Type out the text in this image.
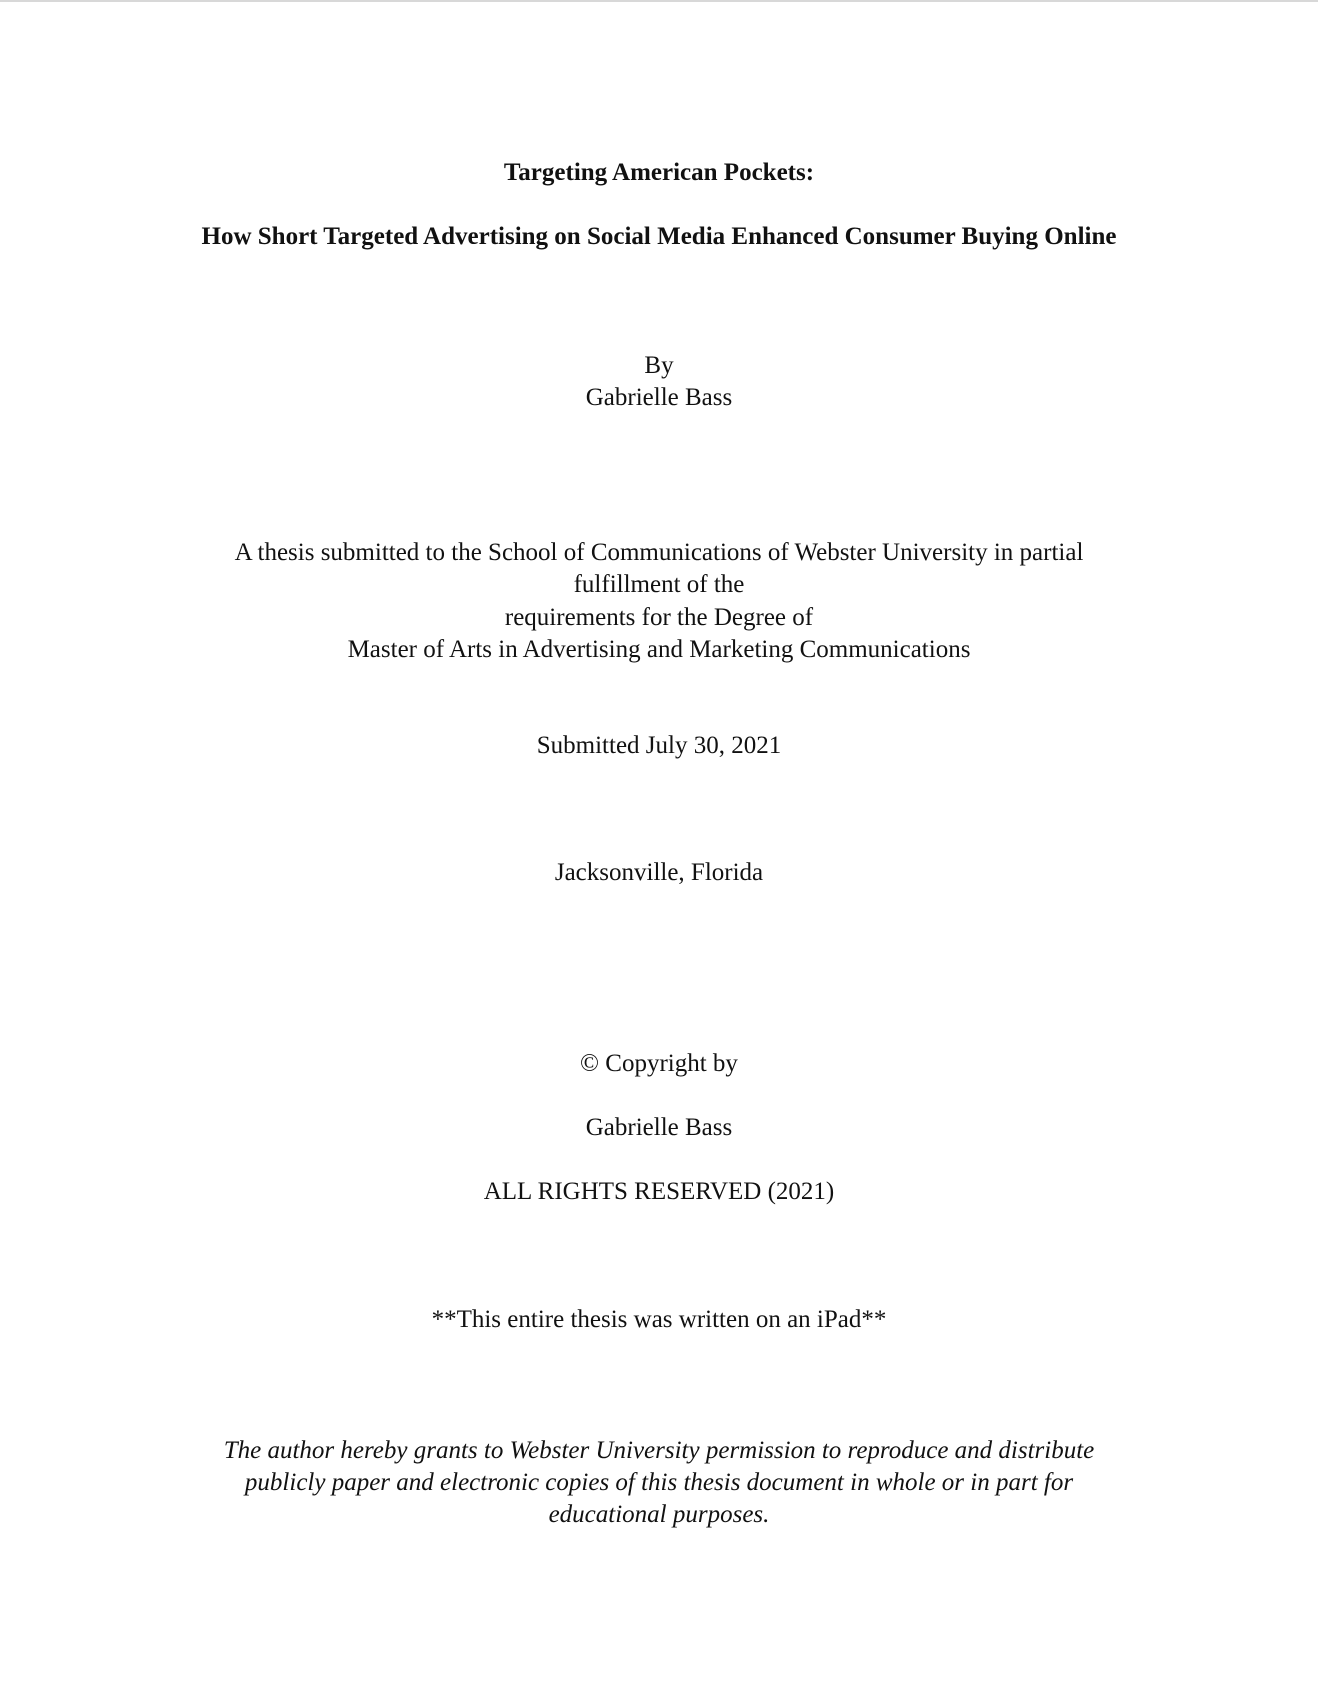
Targeting American Pockets:
How Short Targeted Advertising on Social Media Enhanced Consumer Buying Online
By
Gabrielle Bass
A thesis submitted to the School of Communications of Webster University in partial
fulfillment of the
requirements for the Degree of
Master of Arts in Advertising and Marketing Communications
Submitted July 30, 2021
Jacksonville, Florida
© Copyright by
Gabrielle Bass
ALL RIGHTS RESERVED (2021)
**This entire thesis was written on an iPad**
The author hereby grants to Webster University permission to reproduce and distribute
publicly paper and electronic copies of this thesis document in whole or in part for
educational purposes.
